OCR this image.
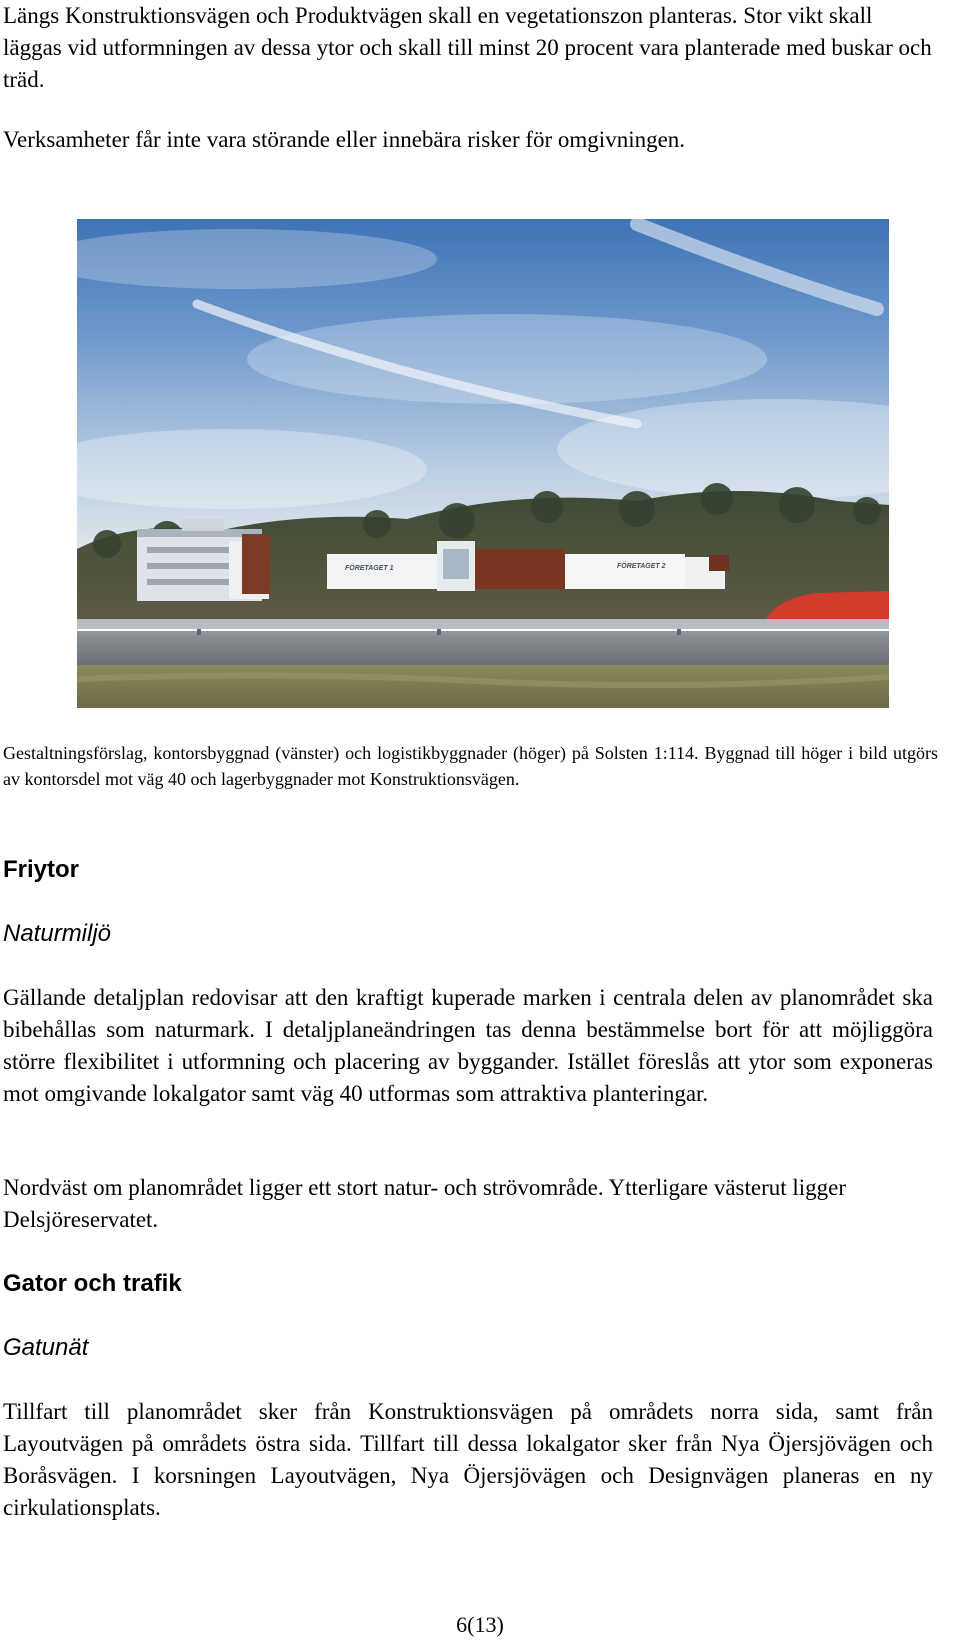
Längs Konstruktionsvägen och Produktvägen skall en vegetationszon planteras. Stor vikt skall läggas vid utformningen av dessa ytor och skall till minst 20 procent vara planterade med buskar och träd.

Verksamheter får inte vara störande eller innebära risker för omgivningen.

FÖRETAGET 1	FÖRETAGET 2

Gestaltningsförslag, kontorsbyggnad (vänster) och logistikbyggnader (höger) på Solsten 1:114. Byggnad till höger i bild utgörs av kontorsdel mot väg 40 och lagerbyggnader mot Konstruktionsvägen.

Friytor
Naturmiljö

Gällande detaljplan redovisar att den kraftigt kuperade marken i centrala delen av planområdet ska bibehållas som naturmark. I detaljplaneändringen tas denna bestämmelse bort för att möjliggöra större flexibilitet i utformning och placering av byggander. Istället föreslås att ytor som exponeras mot omgivande lokalgator samt väg 40 utformas som attraktiva planteringar.

Nordväst om planområdet ligger ett stort natur- och strövområde. Ytterligare västerut ligger Delsjöreservatet.

Gator och trafik
Gatunät

Tillfart till planområdet sker från Konstruktionsvägen på områdets norra sida, samt från Layoutvägen på områdets östra sida. Tillfart till dessa lokalgator sker från Nya Öjersjövägen och Boråsvägen. I korsningen Layoutvägen, Nya Öjersjövägen och Designvägen planeras en ny cirkulationsplats.

6(13)
